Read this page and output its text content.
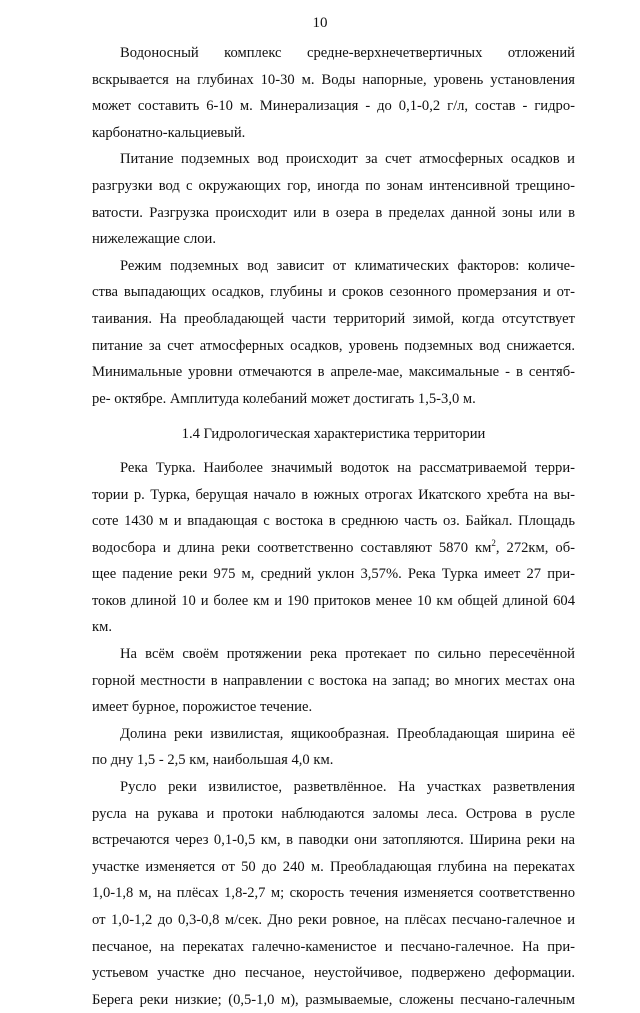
10
Водоносный комплекс средне-верхнечетвертичных отложений
вскрывается на глубинах 10-30 м. Воды напорные, уровень установления
может составить 6-10 м. Минерализация - до 0,1-0,2 г/л, состав - гидро-
карбонатно-кальциевый.
Питание подземных вод происходит за счет атмосферных осадков и
разгрузки вод с окружающих гор, иногда по зонам интенсивной трещино-
ватости. Разгрузка происходит или в озера в пределах данной зоны или в
нижележащие слои.
Режим подземных вод зависит от климатических факторов: количе-
ства выпадающих осадков, глубины и сроков сезонного промерзания и от-
таивания. На преобладающей части территорий зимой, когда отсутствует
питание за счет атмосферных осадков, уровень подземных вод снижается.
Минимальные уровни отмечаются в апреле-мае, максимальные - в сентяб-
ре- октябре. Амплитуда колебаний может достигать 1,5-3,0 м.
1.4 Гидрологическая характеристика территории
Река Турка. Наиболее значимый водоток на рассматриваемой терри-
тории р. Турка, берущая начало в южных отрогах Икатского хребта на вы-
соте 1430 м и впадающая с востока в среднюю часть оз. Байкал. Площадь
водосбора и длина реки соответственно составляют 5870 $км^2$, 272км, об-
щее падение реки 975 м, средний уклон 3,57%. Река Турка имеет 27 при-
токов длиной 10 и более км и 190 притоков менее 10 км общей длиной 604
км.
На всём своём протяжении река протекает по сильно пересечённой
горной местности в направлении с востока на запад; во многих местах она
имеет бурное, порожистое течение.
Долина реки извилистая, ящикообразная. Преобладающая ширина её
по дну 1,5 - 2,5 км, наибольшая 4,0 км.
Русло реки извилистое, разветвлённое. На участках разветвления
русла на рукава и протоки наблюдаются заломы леса. Острова в русле
встречаются через 0,1-0,5 км, в паводки они затопляются. Ширина реки на
участке изменяется от 50 до 240 м. Преобладающая глубина на перекатах
1,0-1,8 м, на плёсах 1,8-2,7 м; скорость течения изменяется соответственно
от 1,0-1,2 до 0,3-0,8 м/сек. Дно реки ровное, на плёсах песчано-галечное и
песчаное, на перекатах галечно-каменистое и песчано-галечное. На при-
устьевом участке дно песчаное, неустойчивое, подвержено деформации.
Берега реки низкие; (0,5-1,0 м), размываемые, сложены песчано-галечным
